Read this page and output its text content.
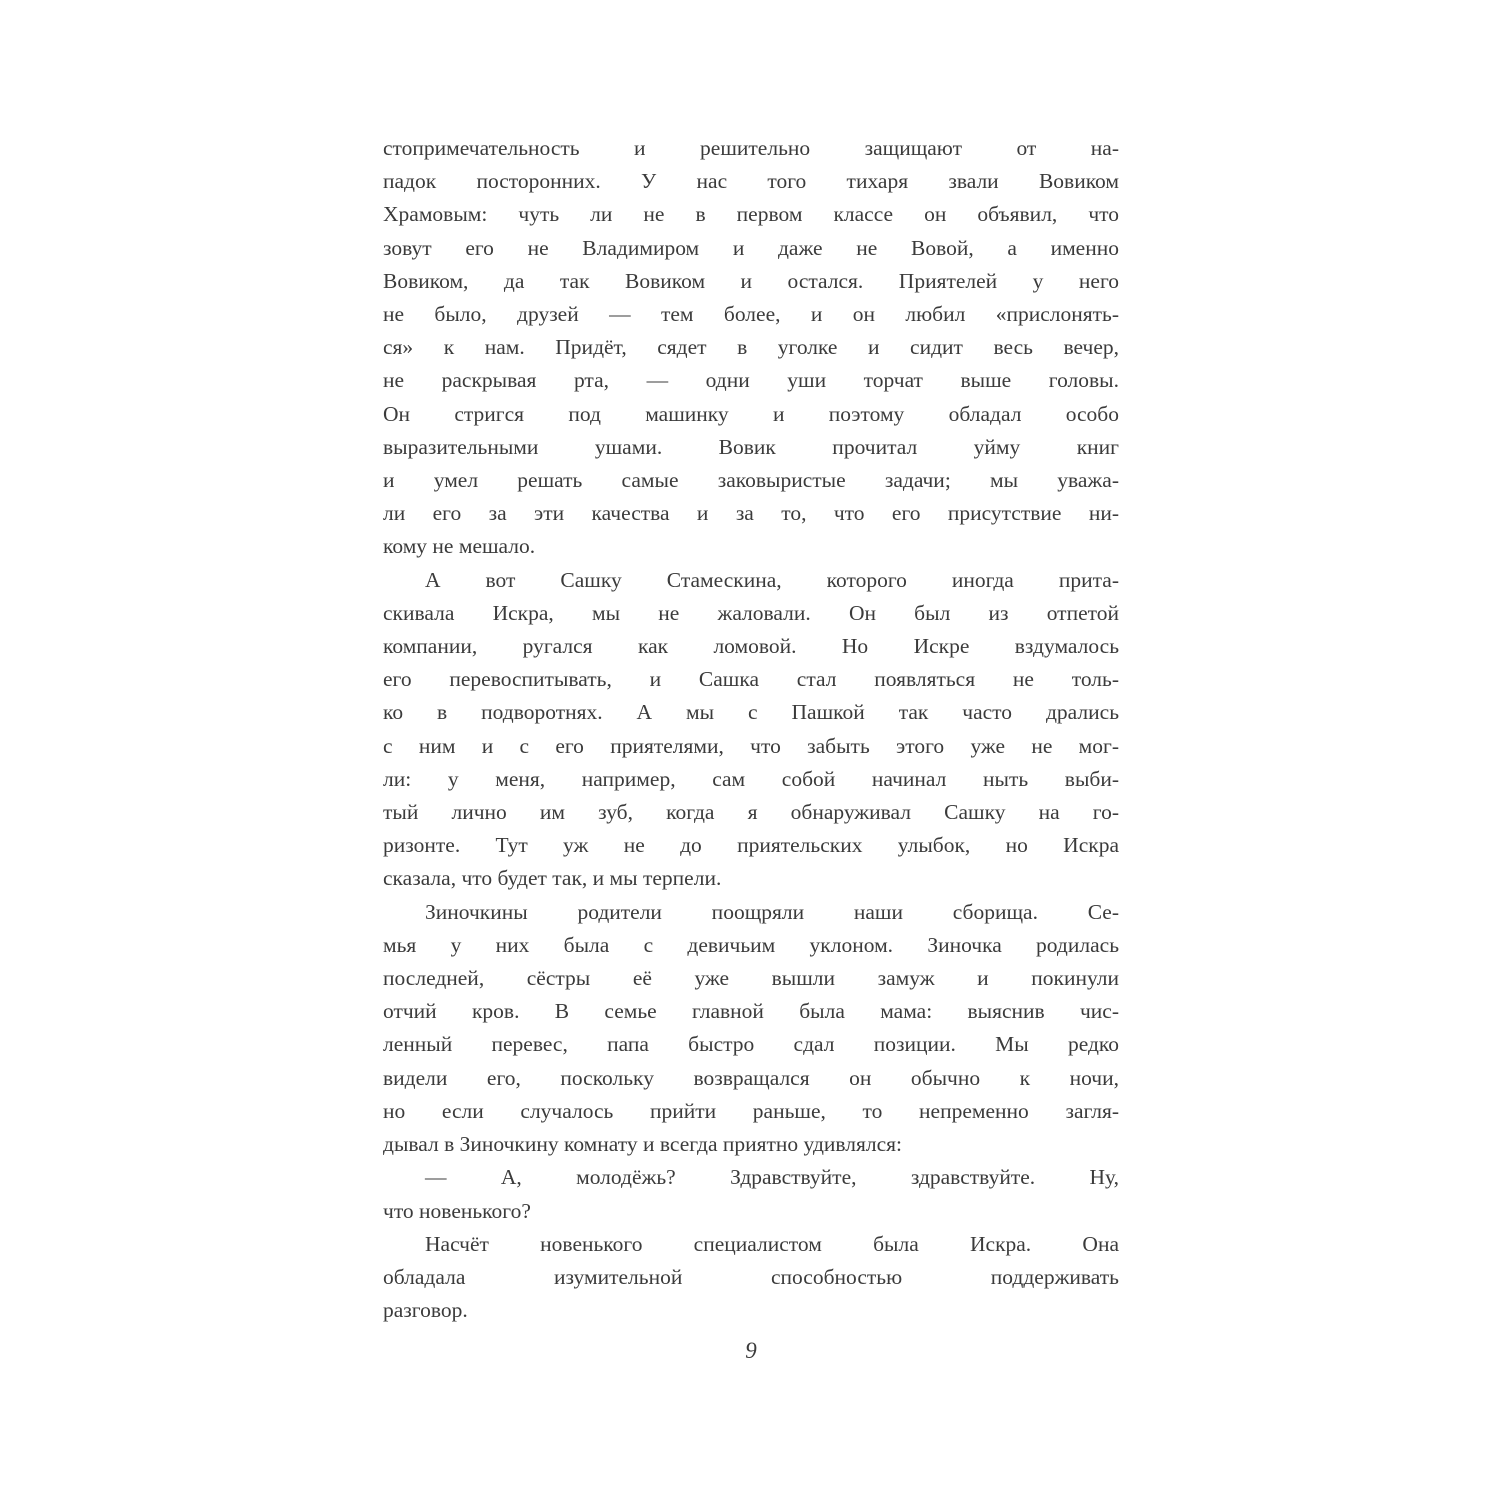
стопримечательность и решительно защищают от на-
падок посторонних. У нас того тихаря звали Вовиком
Храмовым: чуть ли не в первом классе он объявил, что
зовут его не Владимиром и даже не Вовой, а именно
Вовиком, да так Вовиком и остался. Приятелей у него
не было, друзей — тем более, и он любил «прислонять-
ся» к нам. Придёт, сядет в уголке и сидит весь вечер,
не раскрывая рта, — одни уши торчат выше головы.
Он стригся под машинку и поэтому обладал особо
выразительными ушами. Вовик прочитал уйму книг
и умел решать самые заковыристые задачи; мы уважа-
ли его за эти качества и за то, что его присутствие ни-
кому не мешало.
А вот Сашку Стамескина, которого иногда прита-
скивала Искра, мы не жаловали. Он был из отпетой
компании, ругался как ломовой. Но Искре вздумалось
его перевоспитывать, и Сашка стал появляться не толь-
ко в подворотнях. А мы с Пашкой так часто дрались
с ним и с его приятелями, что забыть этого уже не мог-
ли: у меня, например, сам собой начинал ныть выби-
тый лично им зуб, когда я обнаруживал Сашку на го-
ризонте. Тут уж не до приятельских улыбок, но Искра
сказала, что будет так, и мы терпели.
Зиночкины родители поощряли наши сборища. Се-
мья у них была с девичьим уклоном. Зиночка родилась
последней, сёстры её уже вышли замуж и покинули
отчий кров. В семье главной была мама: выяснив чис-
ленный перевес, папа быстро сдал позиции. Мы редко
видели его, поскольку возвращался он обычно к ночи,
но если случалось прийти раньше, то непременно загля-
дывал в Зиночкину комнату и всегда приятно удивлялся:
— А, молодёжь? Здравствуйте, здравствуйте. Ну,
что новенького?
Насчёт новенького специалистом была Искра. Она
обладала изумительной способностью поддерживать
разговор.
9
